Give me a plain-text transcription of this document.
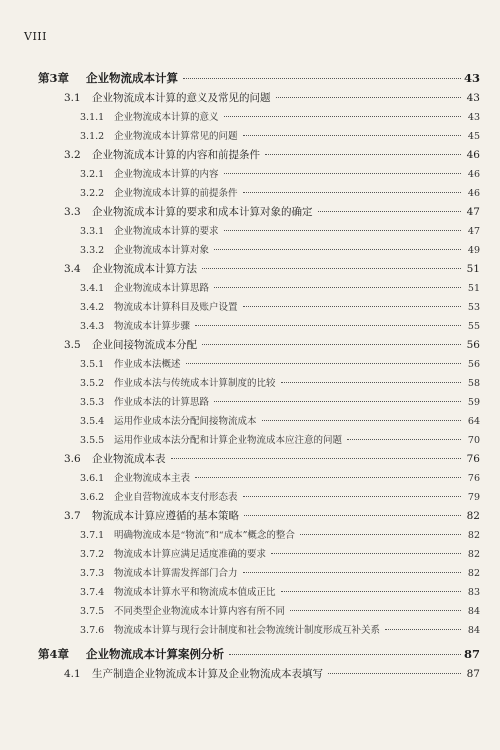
VIII
第3章	企业物流成本计算	43
3.1	企业物流成本计算的意义及常见的问题	43
3.1.1	企业物流成本计算的意义	43
3.1.2	企业物流成本计算常见的问题	45
3.2	企业物流成本计算的内容和前提条件	46
3.2.1	企业物流成本计算的内容	46
3.2.2	企业物流成本计算的前提条件	46
3.3	企业物流成本计算的要求和成本计算对象的确定	47
3.3.1	企业物流成本计算的要求	47
3.3.2	企业物流成本计算对象	49
3.4	企业物流成本计算方法	51
3.4.1	企业物流成本计算思路	51
3.4.2	物流成本计算科目及账户设置	53
3.4.3	物流成本计算步骤	55
3.5	企业间接物流成本分配	56
3.5.1	作业成本法概述	56
3.5.2	作业成本法与传统成本计算制度的比较	58
3.5.3	作业成本法的计算思路	59
3.5.4	运用作业成本法分配间接物流成本	64
3.5.5	运用作业成本法分配和计算企业物流成本应注意的问题	70
3.6	企业物流成本表	76
3.6.1	企业物流成本主表	76
3.6.2	企业自营物流成本支付形态表	79
3.7	物流成本计算应遵循的基本策略	82
3.7.1	明确物流成本是“物流”和“成本”概念的整合	82
3.7.2	物流成本计算应满足适度准确的要求	82
3.7.3	物流成本计算需发挥部门合力	82
3.7.4	物流成本计算水平和物流成本值成正比	83
3.7.5	不同类型企业物流成本计算内容有所不同	84
3.7.6	物流成本计算与现行会计制度和社会物流统计制度形成互补关系	84
第4章	企业物流成本计算案例分析	87
4.1	生产制造企业物流成本计算及企业物流成本表填写	87
